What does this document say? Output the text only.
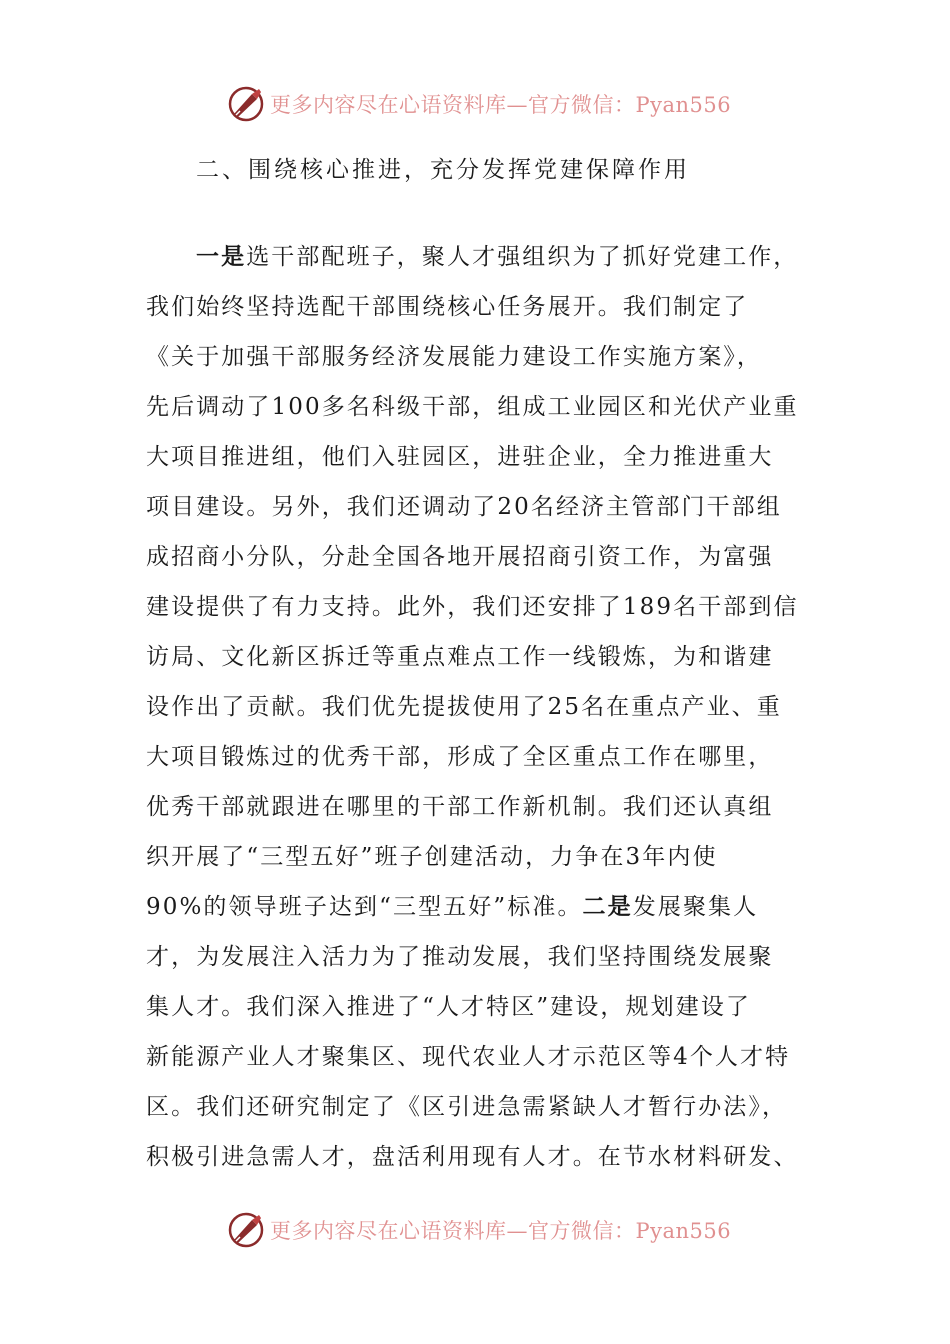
更多内容尽在心语资料库—官方微信：Pyan556
二、围绕核心推进，充分发挥党建保障作用
一是选干部配班子，聚人才强组织为了抓好党建工作，
我们始终坚持选配干部围绕核心任务展开。我们制定了
《关于加强干部服务经济发展能力建设工作实施方案》，
先后调动了100多名科级干部，组成工业园区和光伏产业重
大项目推进组，他们入驻园区，进驻企业，全力推进重大
项目建设。另外，我们还调动了20名经济主管部门干部组
成招商小分队，分赴全国各地开展招商引资工作，为富强
建设提供了有力支持。此外，我们还安排了189名干部到信
访局、文化新区拆迁等重点难点工作一线锻炼，为和谐建
设作出了贡献。我们优先提拔使用了25名在重点产业、重
大项目锻炼过的优秀干部，形成了全区重点工作在哪里，
优秀干部就跟进在哪里的干部工作新机制。我们还认真组
织开展了“三型五好”班子创建活动，力争在3年内使
90%的领导班子达到“三型五好”标准。二是发展聚集人
才，为发展注入活力为了推动发展，我们坚持围绕发展聚
集人才。我们深入推进了“人才特区”建设，规划建设了
新能源产业人才聚集区、现代农业人才示范区等4个人才特
区。我们还研究制定了《区引进急需紧缺人才暂行办法》，
积极引进急需人才，盘活利用现有人才。在节水材料研发、
更多内容尽在心语资料库—官方微信：Pyan556
